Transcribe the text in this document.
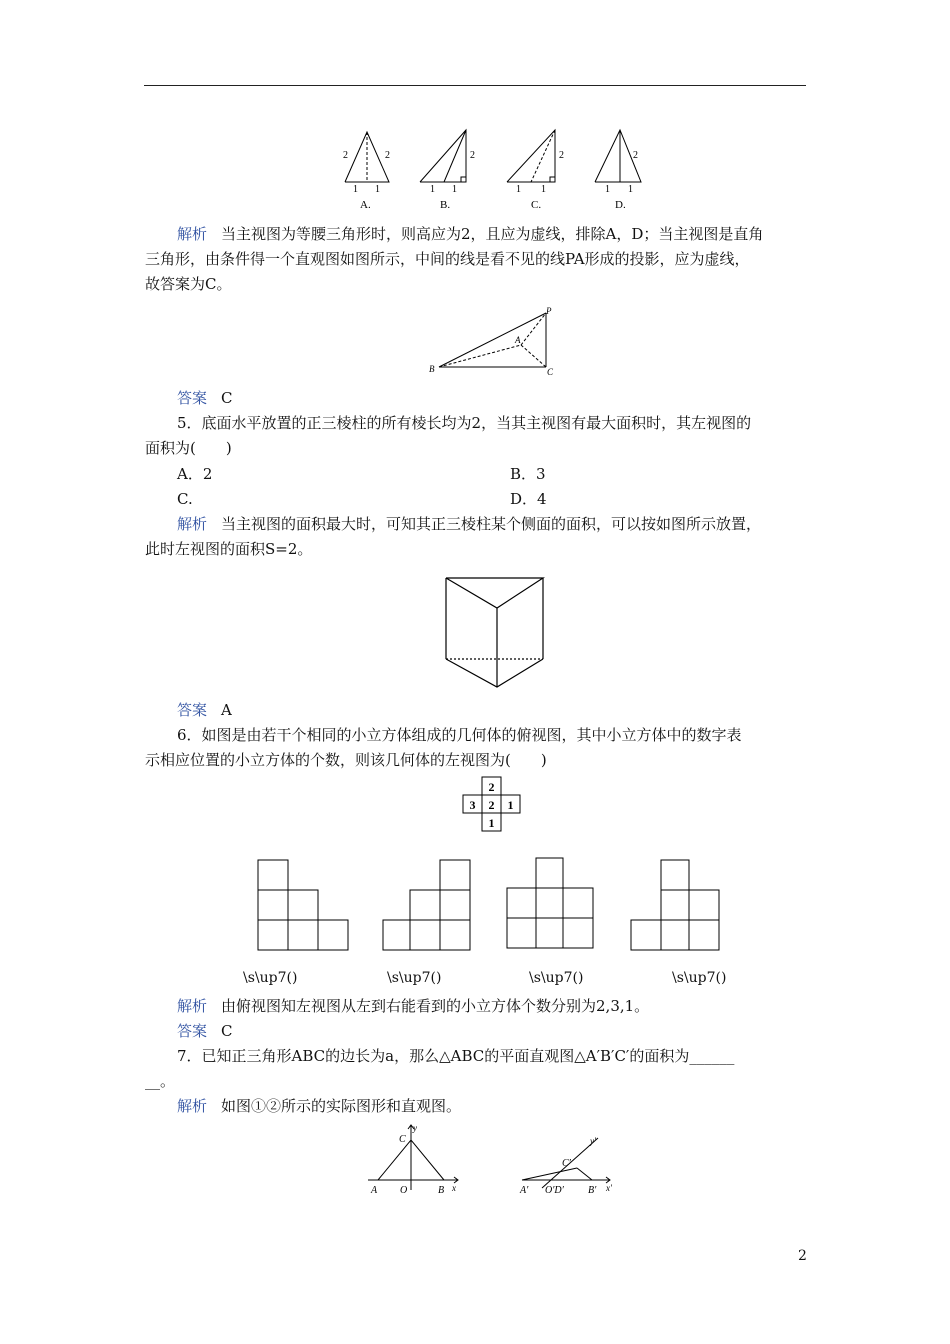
2	2
1 1
A.
2
1 1
B.
2
1 1
C.
2
1 1
D.
解析 当主视图为等腰三角形时，则高应为2，且应为虚线，排除A，D；当主视图是直角
三角形，由条件得一个直观图如图所示，中间的线是看不见的线PA形成的投影，应为虚线，
故答案为C。
P
A
B	C
答案 C
5．底面水平放置的正三棱柱的所有棱长均为2，当其主视图有最大面积时，其左视图的
面积为(　　)
A．2	B．3
C.	D．4
解析 当主视图的面积最大时，可知其正三棱柱某个侧面的面积，可以按如图所示放置，
此时左视图的面积S=2。
答案 A
6．如图是由若干个相同的小立方体组成的几何体的俯视图，其中小立方体中的数字表
示相应位置的小立方体的个数，则该几何体的左视图为(　　)
2
3 2 1
1
\s\up7()	\s\up7()	\s\up7()	\s\up7()
解析 由俯视图知左视图从左到右能看到的小立方体个数分别为2,3,1。
答案 C
7．已知正三角形ABC的边长为a，那么△ABC的平面直观图△A′B′C′的面积为______
__。
解析 如图①②所示的实际图形和直观图。
y
C
A O	B x
y′
C′
A′ O′D′ B′ x′
2
